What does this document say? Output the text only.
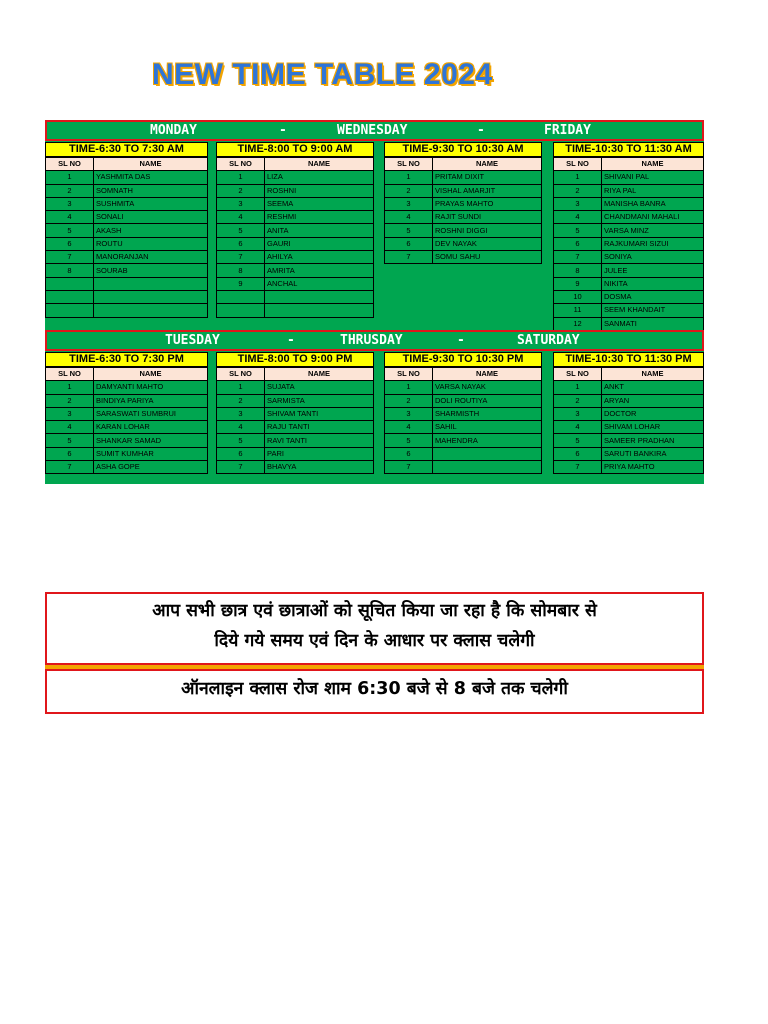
NEW TIME TABLE 2024
MONDAY	-	WEDNESDAY	-	FRIDAY
TIME-6:30 TO 7:30 AM
SL NO	NAME
1	YASHMITA DAS
2	SOMNATH
3	SUSHMITA
4	SONALI
5	AKASH
6	ROUTU
7	MANORANJAN
8	SOURAB

TIME-8:00 TO 9:00 AM
SL NO	NAME
1	LIZA
2	ROSHNI
3	SEEMA
4	RESHMI
5	ANITA
6	GAURI
7	AHILYA
8	AMRITA
9	ANCHAL

TIME-9:30 TO 10:30 AM
SL NO	NAME
1	PRITAM DIXIT
2	VISHAL AMARJIT
3	PRAYAS MAHTO
4	RAJIT SUNDI
5	ROSHNI DIGGI
6	DEV NAYAK
7	SOMU SAHU
TIME-10:30 TO 11:30 AM
SL NO	NAME
1	SHIVANI PAL
2	RIYA PAL
3	MANISHA BANRA
4	CHANDMANI MAHALI
5	VARSA MINZ
6	RAJKUMARI SIZUI
7	SONIYA
8	JULEE
9	NIKITA
10	DOSMA
11	SEEM KHANDAIT
12	SANMATI
TUESDAY	-	THRUSDAY	-	SATURDAY
TIME-6:30 TO 7:30 PM
SL NO	NAME
1	DAMYANTI MAHTO
2	BINDIYA PARIYA
3	SARASWATI SUMBRUI
4	KARAN LOHAR
5	SHANKAR SAMAD
6	SUMIT KUMHAR
7	ASHA GOPE
TIME-8:00 TO 9:00 PM
SL NO	NAME
1	SUJATA
2	SARMISTA
3	SHIVAM TANTI
4	RAJU TANTI
5	RAVI TANTI
6	PARI
7	BHAVYA
TIME-9:30 TO 10:30 PM
SL NO	NAME
1	VARSA NAYAK
2	DOLI ROUTIYA
3	SHARMISTH
4	SAHIL
5	MAHENDRA
6	
7	
TIME-10:30 TO 11:30 PM
SL NO	NAME
1	ANKT
2	ARYAN
3	DOCTOR
4	SHIVAM LOHAR
5	SAMEER PRADHAN
6	SARUTI BANKIRA
7	PRIYA MAHTO
आप सभी छात्र एवं छात्राओं को सूचित किया जा रहा है कि सोमबार से
दिये गये समय एवं दिन के आधार पर क्लास चलेगी
ऑनलाइन क्लास रोज शाम 6:30 बजे से 8 बजे तक चलेगी
